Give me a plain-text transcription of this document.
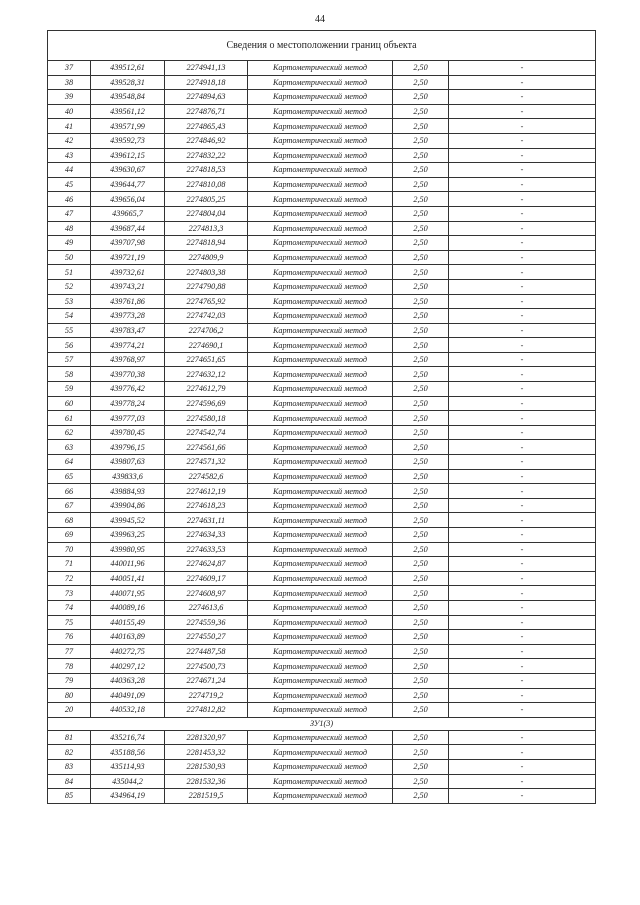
44
Сведения о местоположении границ объекта					
37	439512,61	2274941,13	Картометрический метод	2,50	-
38	439528,31	2274918,18	Картометрический метод	2,50	-
39	439548,84	2274894,63	Картометрический метод	2,50	-
40	439561,12	2274876,71	Картометрический метод	2,50	-
41	439571,99	2274865,43	Картометрический метод	2,50	-
42	439592,73	2274846,92	Картометрический метод	2,50	-
43	439612,15	2274832,22	Картометрический метод	2,50	-
44	439630,67	2274818,53	Картометрический метод	2,50	-
45	439644,77	2274810,08	Картометрический метод	2,50	-
46	439656,04	2274805,25	Картометрический метод	2,50	-
47	439665,7	2274804,04	Картометрический метод	2,50	-
48	439687,44	2274813,3	Картометрический метод	2,50	-
49	439707,98	2274818,94	Картометрический метод	2,50	-
50	439721,19	2274809,9	Картометрический метод	2,50	-
51	439732,61	2274803,38	Картометрический метод	2,50	-
52	439743,21	2274790,88	Картометрический метод	2,50	-
53	439761,86	2274765,92	Картометрический метод	2,50	-
54	439773,28	2274742,03	Картометрический метод	2,50	-
55	439783,47	2274706,2	Картометрический метод	2,50	-
56	439774,21	2274690,1	Картометрический метод	2,50	-
57	439768,97	2274651,65	Картометрический метод	2,50	-
58	439770,38	2274632,12	Картометрический метод	2,50	-
59	439776,42	2274612,79	Картометрический метод	2,50	-
60	439778,24	2274596,69	Картометрический метод	2,50	-
61	439777,03	2274580,18	Картометрический метод	2,50	-
62	439780,45	2274542,74	Картометрический метод	2,50	-
63	439796,15	2274561,66	Картометрический метод	2,50	-
64	439807,63	2274571,32	Картометрический метод	2,50	-
65	439833,6	2274582,6	Картометрический метод	2,50	-
66	439884,93	2274612,19	Картометрический метод	2,50	-
67	439904,86	2274618,23	Картометрический метод	2,50	-
68	439945,52	2274631,11	Картометрический метод	2,50	-
69	439963,25	2274634,33	Картометрический метод	2,50	-
70	439980,95	2274633,53	Картометрический метод	2,50	-
71	440011,96	2274624,87	Картометрический метод	2,50	-
72	440051,41	2274609,17	Картометрический метод	2,50	-
73	440071,95	2274608,97	Картометрический метод	2,50	-
74	440089,16	2274613,6	Картометрический метод	2,50	-
75	440155,49	2274559,36	Картометрический метод	2,50	-
76	440163,89	2274550,27	Картометрический метод	2,50	-
77	440272,75	2274487,58	Картометрический метод	2,50	-
78	440297,12	2274500,73	Картометрический метод	2,50	-
79	440363,28	2274671,24	Картометрический метод	2,50	-
80	440491,09	2274719,2	Картометрический метод	2,50	-
20	440532,18	2274812,82	Картометрический метод	2,50	-
ЗУ1(3)					
81	435216,74	2281320,97	Картометрический метод	2,50	-
82	435188,56	2281453,32	Картометрический метод	2,50	-
83	435114,93	2281530,93	Картометрический метод	2,50	-
84	435044,2	2281532,36	Картометрический метод	2,50	-
85	434964,19	2281519,5	Картометрический метод	2,50	-
